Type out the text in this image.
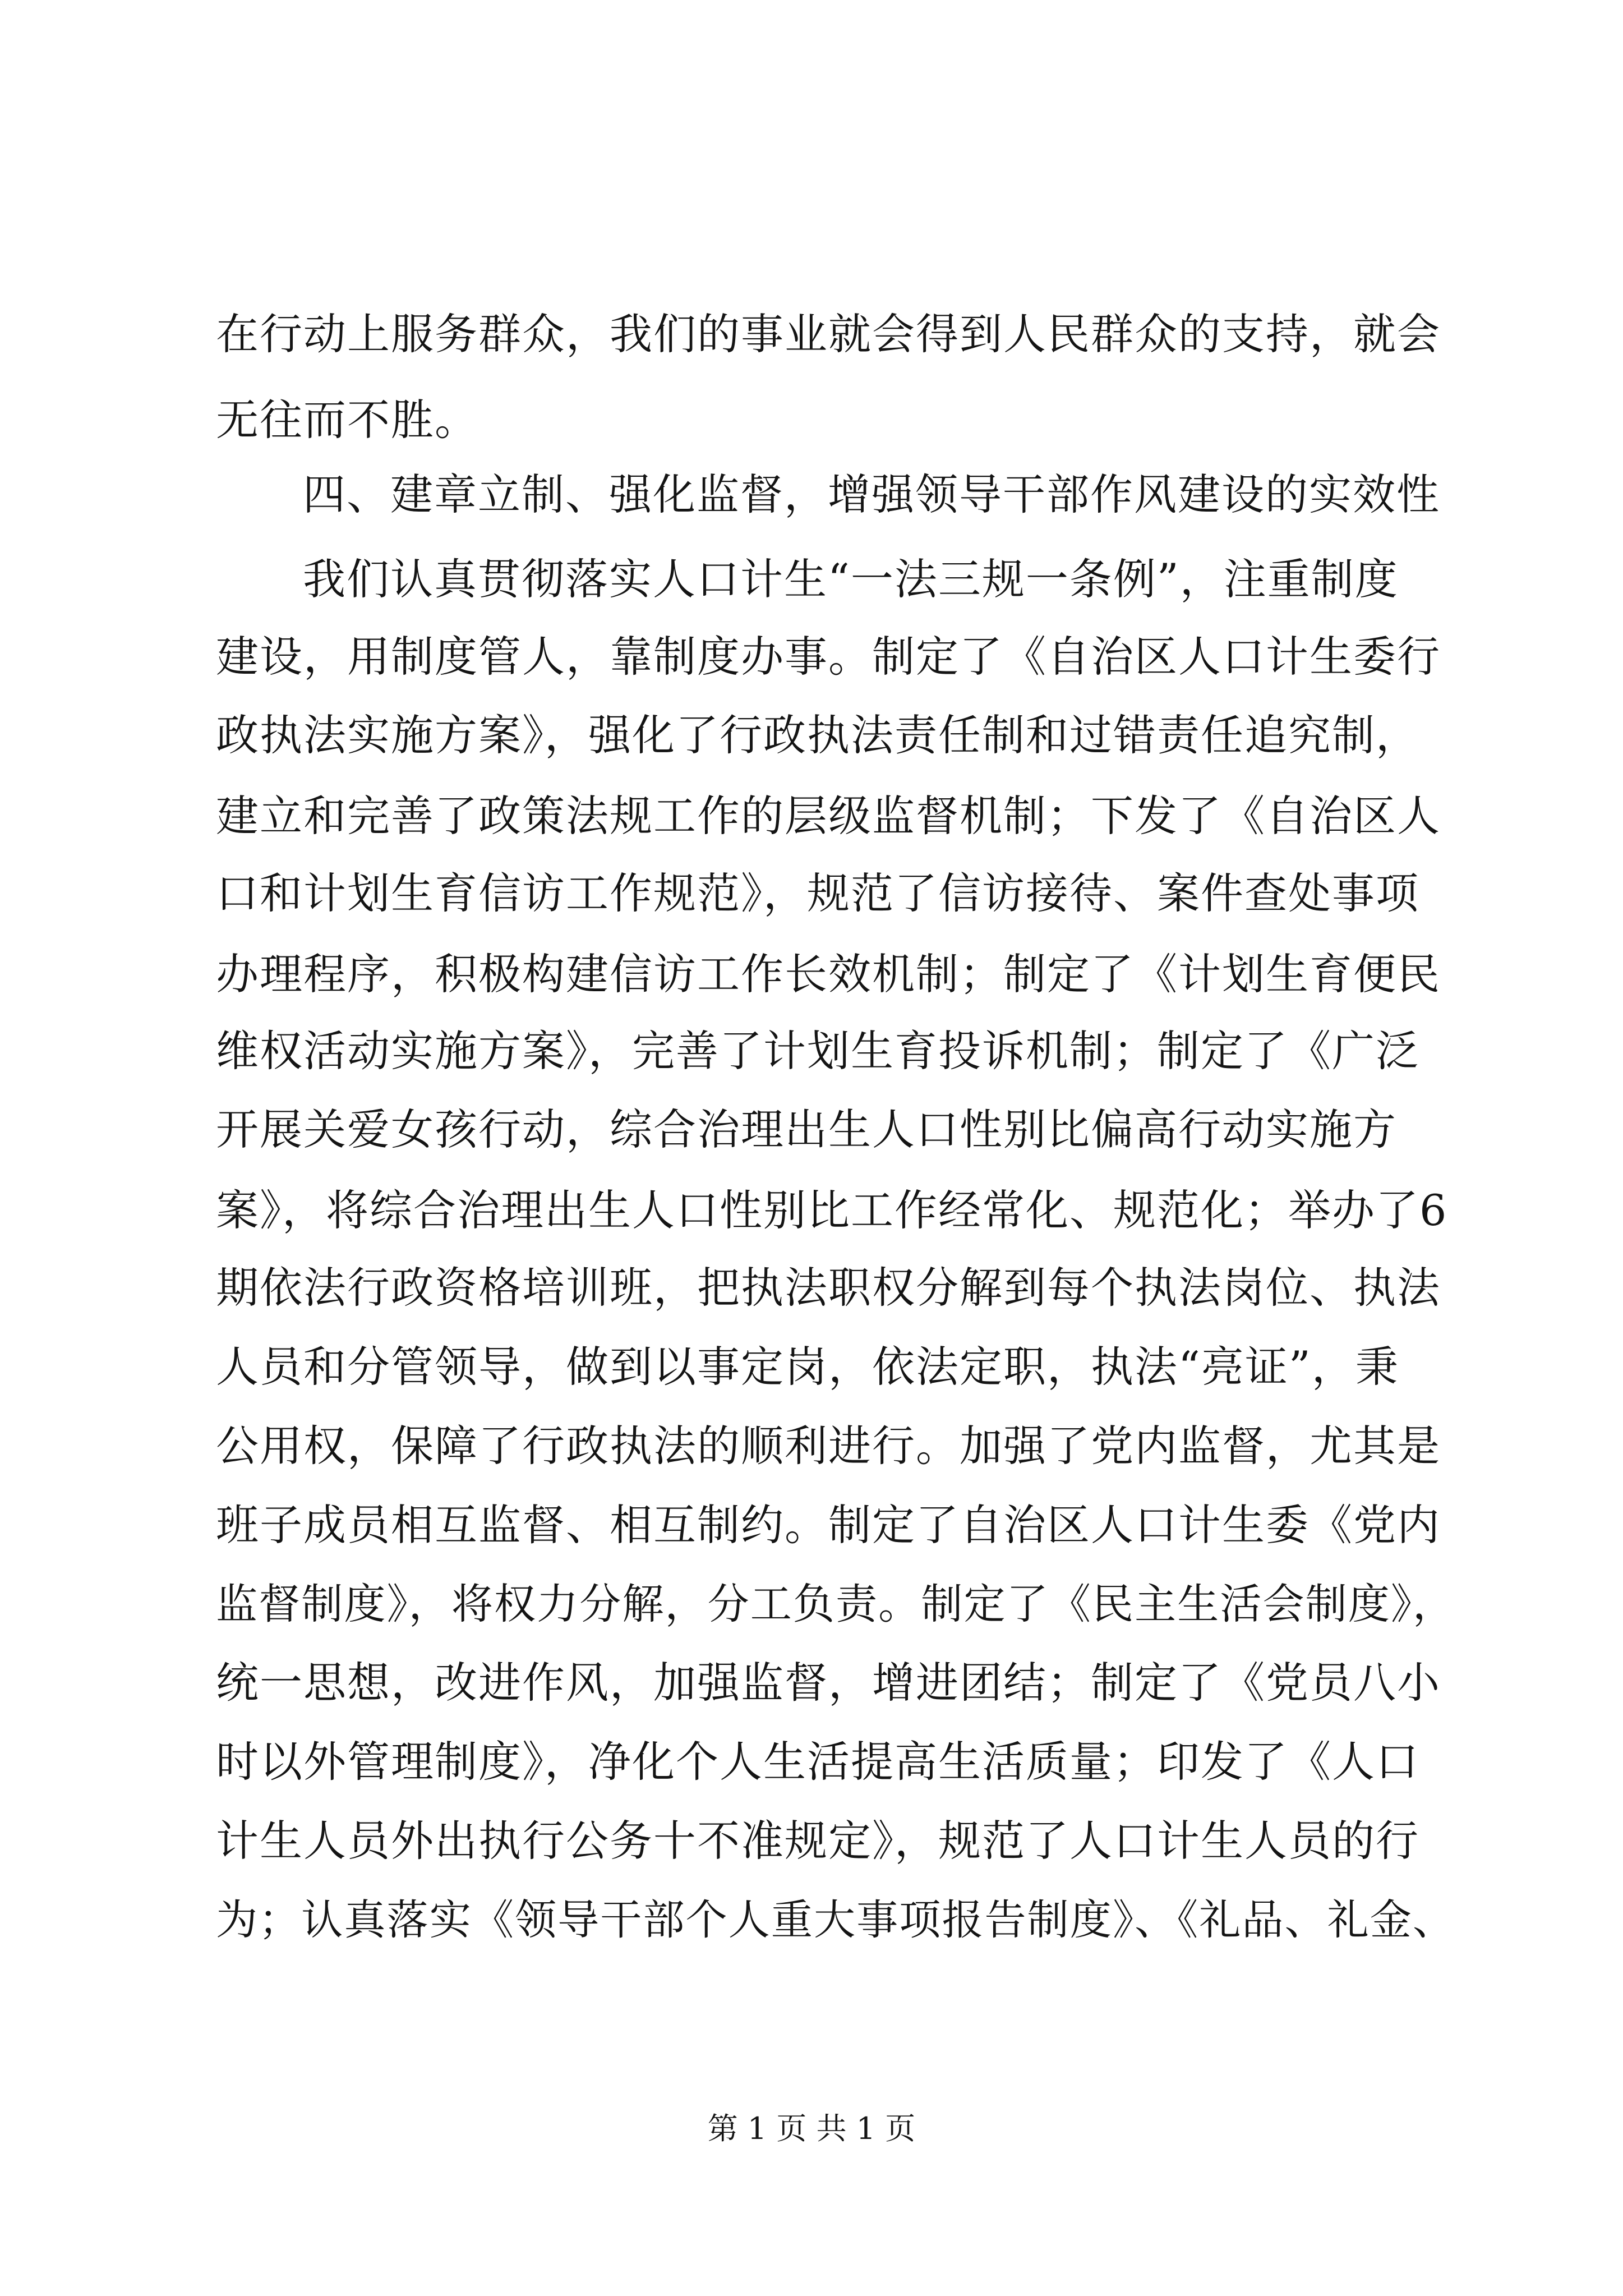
在行动上服务群众，我们的事业就会得到人民群众的支持，就会
无往而不胜。
四、建章立制、强化监督，增强领导干部作风建设的实效性
我们认真贯彻落实人口计生“一法三规一条例”，注重制度
建设，用制度管人，靠制度办事。制定了《自治区人口计生委行
政执法实施方案》，强化了行政执法责任制和过错责任追究制，
建立和完善了政策法规工作的层级监督机制；下发了《自治区人
口和计划生育信访工作规范》，规范了信访接待、案件查处事项
办理程序，积极构建信访工作长效机制；制定了《计划生育便民
维权活动实施方案》，完善了计划生育投诉机制；制定了《广泛
开展关爱女孩行动，综合治理出生人口性别比偏高行动实施方
案》，将综合治理出生人口性别比工作经常化、规范化；举办了6
期依法行政资格培训班，把执法职权分解到每个执法岗位、执法
人员和分管领导，做到以事定岗，依法定职，执法“亮证”，秉
公用权，保障了行政执法的顺利进行。加强了党内监督，尤其是
班子成员相互监督、相互制约。制定了自治区人口计生委《党内
监督制度》，将权力分解，分工负责。制定了《民主生活会制度》，
统一思想，改进作风，加强监督，增进团结；制定了《党员八小
时以外管理制度》，净化个人生活提高生活质量；印发了《人口
计生人员外出执行公务十不准规定》，规范了人口计生人员的行
为；认真落实《领导干部个人重大事项报告制度》、《礼品、礼金、
第 1 页 共 1 页
